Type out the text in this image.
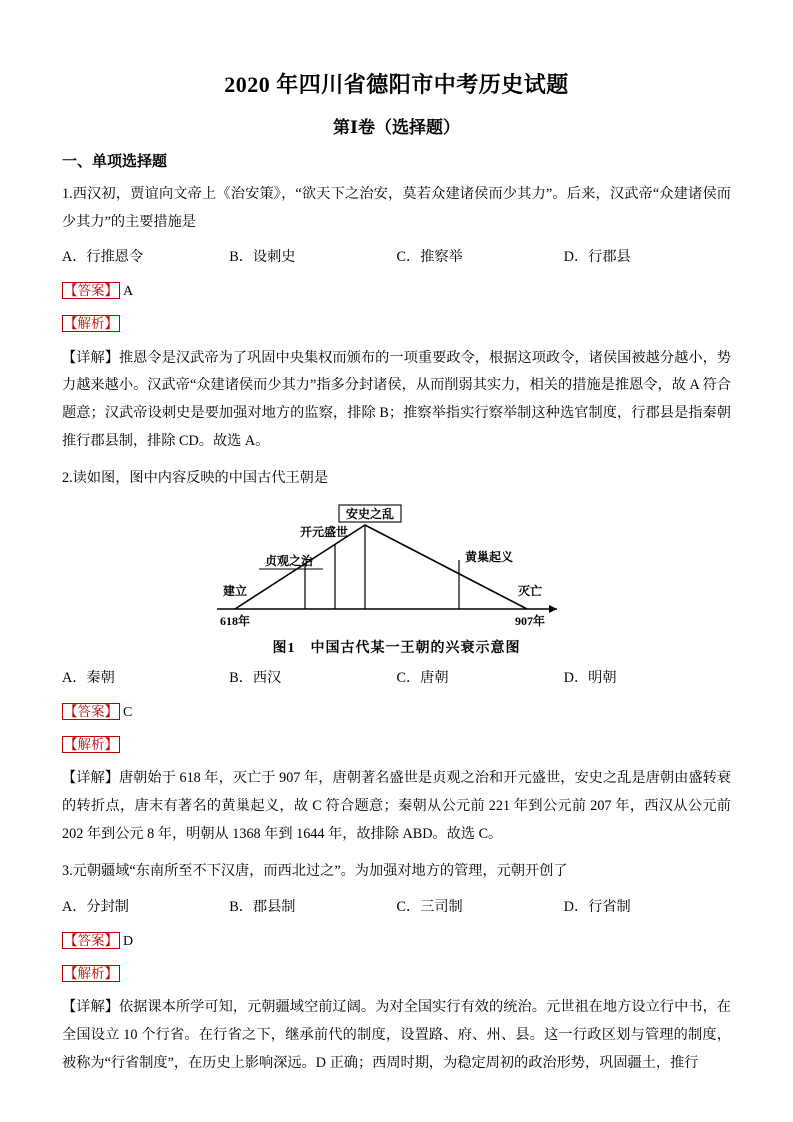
2020 年四川省德阳市中考历史试题
第Ⅰ卷（选择题）
一、单项选择题
1.西汉初，贾谊向文帝上《治安策》，“欲天下之治安，莫若众建诸侯而少其力”。后来，汉武帝“众建诸侯而少其力”的主要措施是
A．行推恩令	B．设刺史	C．推察举	D．行郡县
【答案】 A
【解析】
【详解】推恩令是汉武帝为了巩固中央集权而颁布的一项重要政令，根据这项政令，诸侯国被越分越小，势力越来越小。汉武帝“众建诸侯而少其力”指多分封诸侯，从而削弱其实力，相关的措施是推恩令，故 A 符合题意；汉武帝设刺史是要加强对地方的监察，排除 B；推察举指实行察举制这种选官制度，行郡县是指秦朝推行郡县制，排除 CD。故选 A。
2.读如图，图中内容反映的中国古代王朝是
安史之乱
开元盛世
贞观之治	黄巢起义
建立
618年
灭亡
907年
图1　中国古代某一王朝的兴衰示意图
A．秦朝	B．西汉	C．唐朝	D．明朝
【答案】 C
【解析】
【详解】唐朝始于 618 年，灭亡于 907 年，唐朝著名盛世是贞观之治和开元盛世，安史之乱是唐朝由盛转衰的转折点，唐末有著名的黄巢起义，故 C 符合题意；秦朝从公元前 221 年到公元前 207 年，西汉从公元前 202 年到公元 8 年，明朝从 1368 年到 1644 年，故排除 ABD。故选 C。
3.元朝疆域“东南所至不下汉唐，而西北过之”。为加强对地方的管理，元朝开创了
A．分封制	B．郡县制	C．三司制	D．行省制
【答案】 D
【解析】
【详解】依据课本所学可知，元朝疆域空前辽阔。为对全国实行有效的统治。元世祖在地方设立行中书，在全国设立 10 个行省。在行省之下，继承前代的制度，设置路、府、州、县。这一行政区划与管理的制度，被称为“行省制度”，在历史上影响深远。D 正确；西周时期，为稳定周初的政治形势，巩固疆土，推行
